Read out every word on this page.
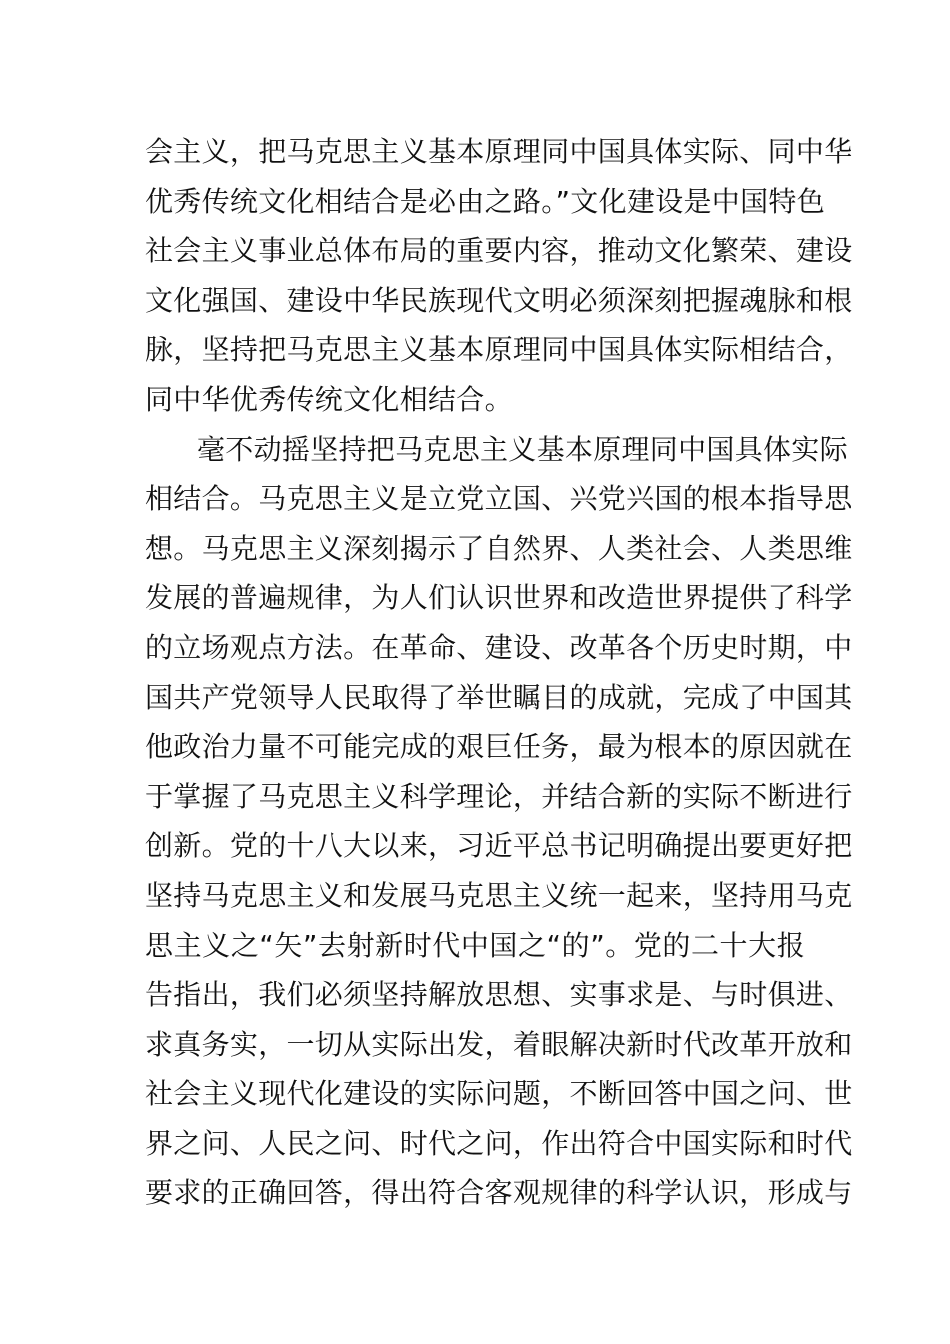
会主义，把马克思主义基本原理同中国具体实际、同中华
优秀传统文化相结合是必由之路。”文化建设是中国特色
社会主义事业总体布局的重要内容，推动文化繁荣、建设
文化强国、建设中华民族现代文明必须深刻把握魂脉和根
脉，坚持把马克思主义基本原理同中国具体实际相结合，
同中华优秀传统文化相结合。
毫不动摇坚持把马克思主义基本原理同中国具体实际
相结合。马克思主义是立党立国、兴党兴国的根本指导思
想。马克思主义深刻揭示了自然界、人类社会、人类思维
发展的普遍规律，为人们认识世界和改造世界提供了科学
的立场观点方法。在革命、建设、改革各个历史时期，中
国共产党领导人民取得了举世瞩目的成就，完成了中国其
他政治力量不可能完成的艰巨任务，最为根本的原因就在
于掌握了马克思主义科学理论，并结合新的实际不断进行
创新。党的十八大以来，习近平总书记明确提出要更好把
坚持马克思主义和发展马克思主义统一起来，坚持用马克
思主义之“矢”去射新时代中国之“的”。党的二十大报
告指出，我们必须坚持解放思想、实事求是、与时俱进、
求真务实，一切从实际出发，着眼解决新时代改革开放和
社会主义现代化建设的实际问题，不断回答中国之问、世
界之问、人民之问、时代之问，作出符合中国实际和时代
要求的正确回答，得出符合客观规律的科学认识，形成与
